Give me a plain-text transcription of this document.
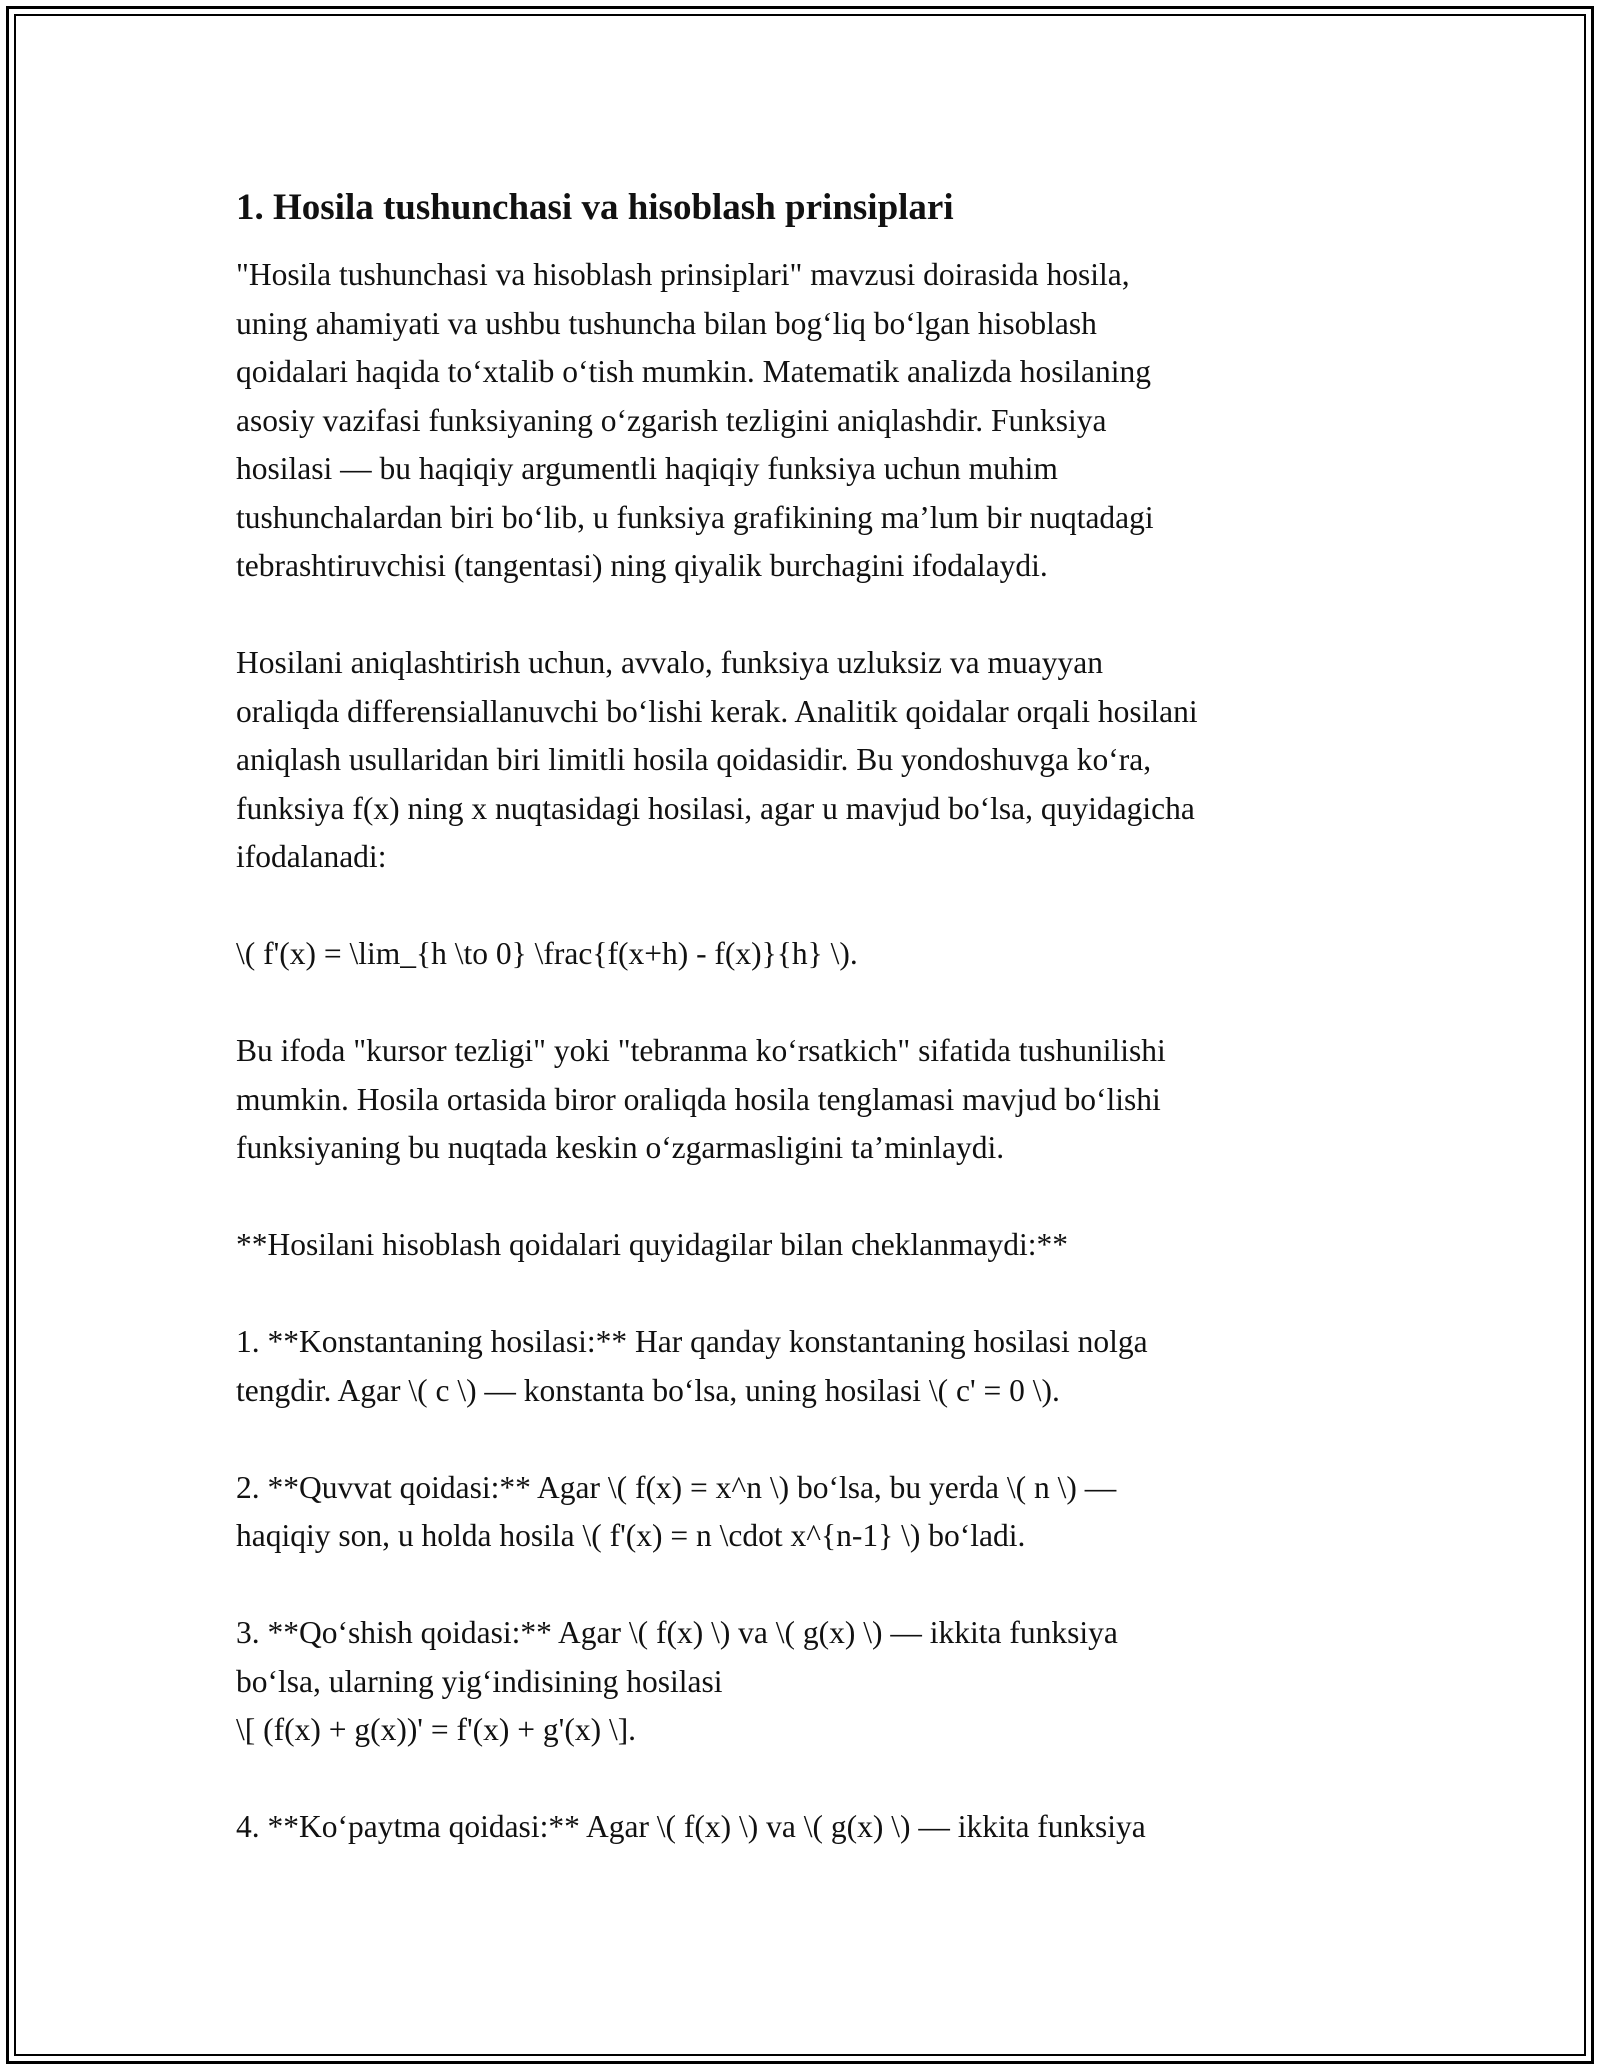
1. Hosila tushunchasi va hisoblash prinsiplari

"Hosila tushunchasi va hisoblash prinsiplari" mavzusi doirasida hosila,
uning ahamiyati va ushbu tushuncha bilan bog‘liq bo‘lgan hisoblash
qoidalari haqida to‘xtalib o‘tish mumkin. Matematik analizda hosilaning
asosiy vazifasi funksiyaning o‘zgarish tezligini aniqlashdir. Funksiya
hosilasi — bu haqiqiy argumentli haqiqiy funksiya uchun muhim
tushunchalardan biri bo‘lib, u funksiya grafikining ma’lum bir nuqtadagi
tebrashtiruvchisi (tangentasi) ning qiyalik burchagini ifodalaydi.

Hosilani aniqlashtirish uchun, avvalo, funksiya uzluksiz va muayyan
oraliqda differensiallanuvchi bo‘lishi kerak. Analitik qoidalar orqali hosilani
aniqlash usullaridan biri limitli hosila qoidasidir. Bu yondoshuvga ko‘ra,
funksiya f(x) ning x nuqtasidagi hosilasi, agar u mavjud bo‘lsa, quyidagicha
ifodalanadi:

\( f'(x) = \lim_{h \to 0} \frac{f(x+h) - f(x)}{h} \).

Bu ifoda "kursor tezligi" yoki "tebranma ko‘rsatkich" sifatida tushunilishi
mumkin. Hosila ortasida biror oraliqda hosila tenglamasi mavjud bo‘lishi
funksiyaning bu nuqtada keskin o‘zgarmasligini ta’minlaydi.

**Hosilani hisoblash qoidalari quyidagilar bilan cheklanmaydi:**

1. **Konstantaning hosilasi:** Har qanday konstantaning hosilasi nolga
tengdir. Agar \( c \) — konstanta bo‘lsa, uning hosilasi \( c' = 0 \).

2. **Quvvat qoidasi:** Agar \( f(x) = x^n \) bo‘lsa, bu yerda \( n \) —
haqiqiy son, u holda hosila \( f'(x) = n \cdot x^{n-1} \) bo‘ladi.

3. **Qo‘shish qoidasi:** Agar \( f(x) \) va \( g(x) \) — ikkita funksiya
bo‘lsa, ularning yig‘indisining hosilasi
\[ (f(x) + g(x))' = f'(x) + g'(x) \].

4. **Ko‘paytma qoidasi:** Agar \( f(x) \) va \( g(x) \) — ikkita funksiya
